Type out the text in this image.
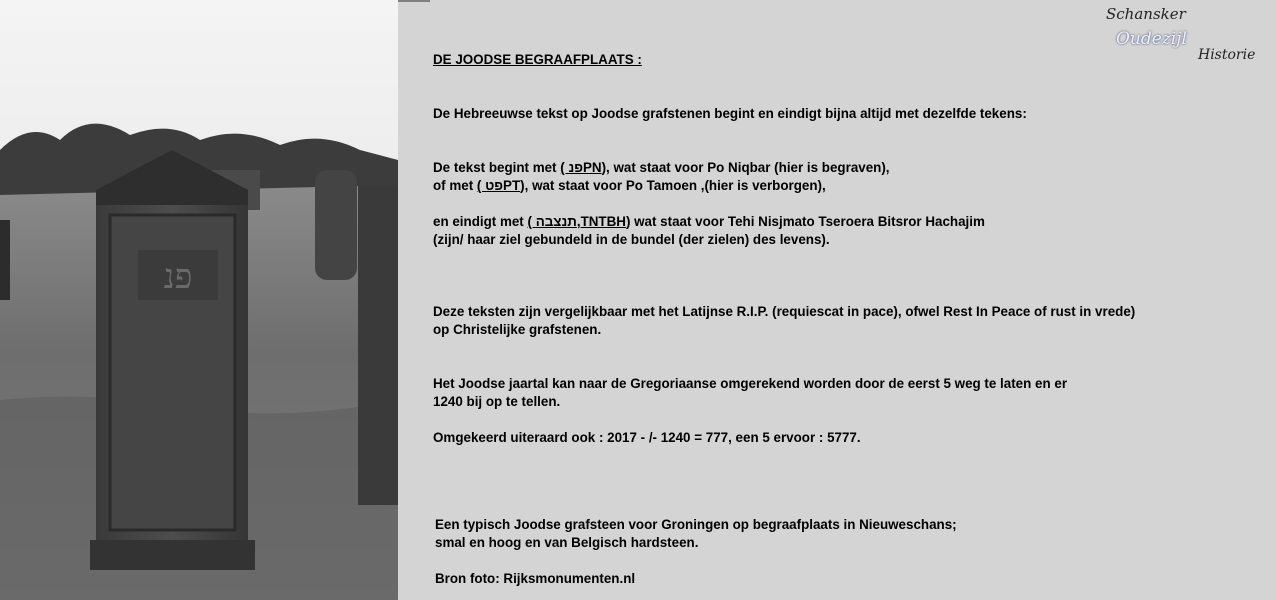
פנ
Schansker
Oudezijl
Historie
DE JOODSE BEGRAAFPLAATS :
De Hebreeuwse tekst op Joodse grafstenen begint en eindigt bijna altijd met dezelfde tekens:
De tekst begint met ( פנPN), wat staat voor Po Niqbar (hier is begraven),
of met ( פטPT), wat staat voor Po Tamoen ,(hier is verborgen),
en eindigt met ( תנצבה,TNTBH) wat staat voor Tehi Nisjmato Tseroera Bitsror Hachajim
(zijn/ haar ziel gebundeld in de bundel (der zielen) des levens).
Deze teksten zijn vergelijkbaar met het Latijnse R.I.P. (requiescat in pace), ofwel Rest In Peace of rust in vrede)
op Christelijke grafstenen.
Het Joodse jaartal kan naar de Gregoriaanse omgerekend worden door de eerst 5 weg te laten en er
1240 bij op te tellen.
Omgekeerd uiteraard ook : 2017 - /- 1240 = 777, een 5 ervoor : 5777.
Een typisch Joodse grafsteen voor Groningen op begraafplaats in Nieuweschans;
smal en hoog en van Belgisch hardsteen.
Bron foto: Rijksmonumenten.nl
